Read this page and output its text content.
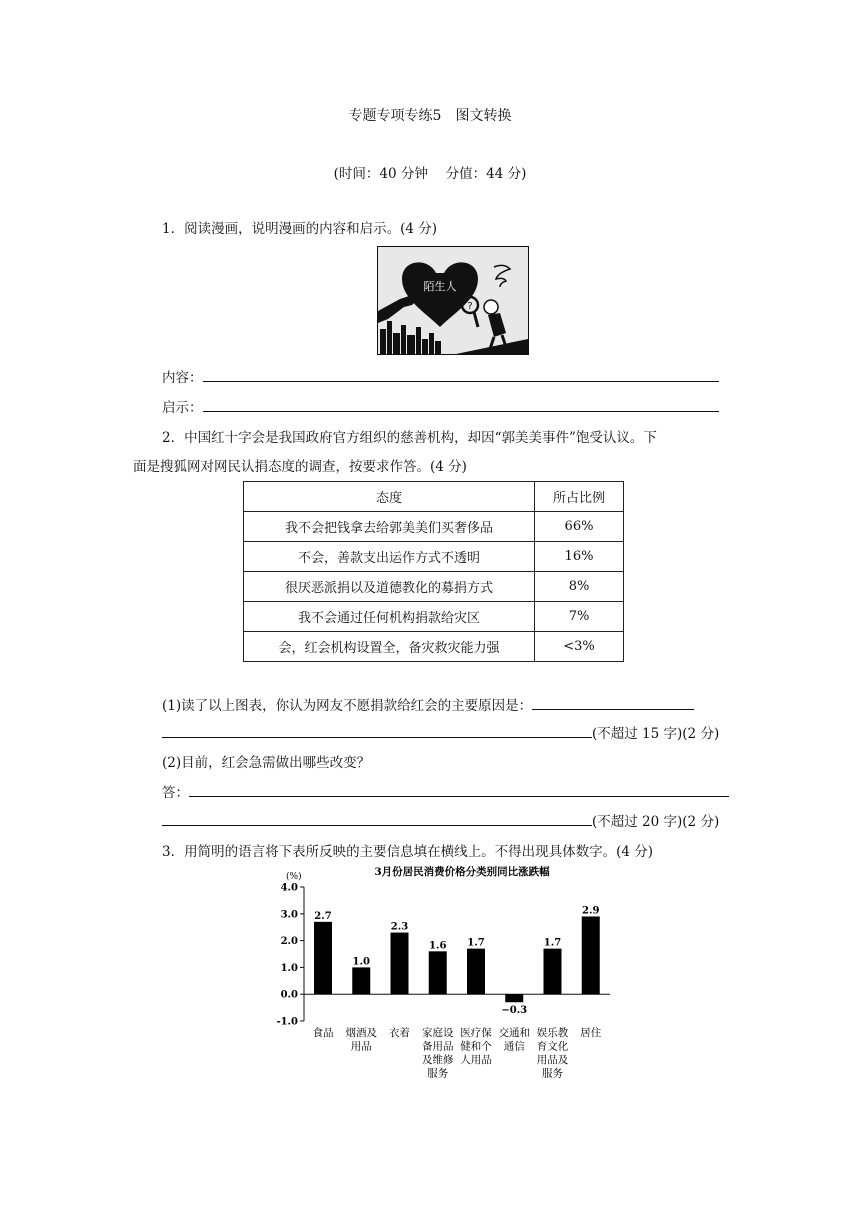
专题专项专练5　图文转换
(时间：40 分钟　 分值：44 分)
1．阅读漫画，说明漫画的内容和启示。(4 分)
陌生人
?
内容：
启示：
2．中国红十字会是我国政府官方组织的慈善机构，却因“郭美美事件”饱受认议。下
面是搜狐网对网民认捐态度的调查，按要求作答。(4 分)
态度	所占比例
我不会把钱拿去给郭美美们买奢侈品	66%
不会，善款支出运作方式不透明	16%
很厌恶派捐以及道德教化的募捐方式	8%
我不会通过任何机构捐款给灾区	7%
会，红会机构设置全，备灾救灾能力强	<3%
(1)读了以上图表，你认为网友不愿捐款给红会的主要原因是：
(不超过 15 字)(2 分)
(2)目前，红会急需做出哪些改变？
答：
(不超过 20 字)(2 分)
3．用简明的语言将下表所反映的主要信息填在横线上。不得出现具体数字。(4 分)
3月份居民消费价格分类别同比涨跌幅
(%)
4.0
3.0
2.0
1.0
0.0
-1.0
2.7
食品
1.0
烟酒及
用品
2.3
衣着
1.6
家庭设
备用品
及维修
服务
1.7
医疗保
健和个
人用品
−0.3
交通和
通信
1.7
娱乐教
育文化
用品及
服务
2.9
居住
